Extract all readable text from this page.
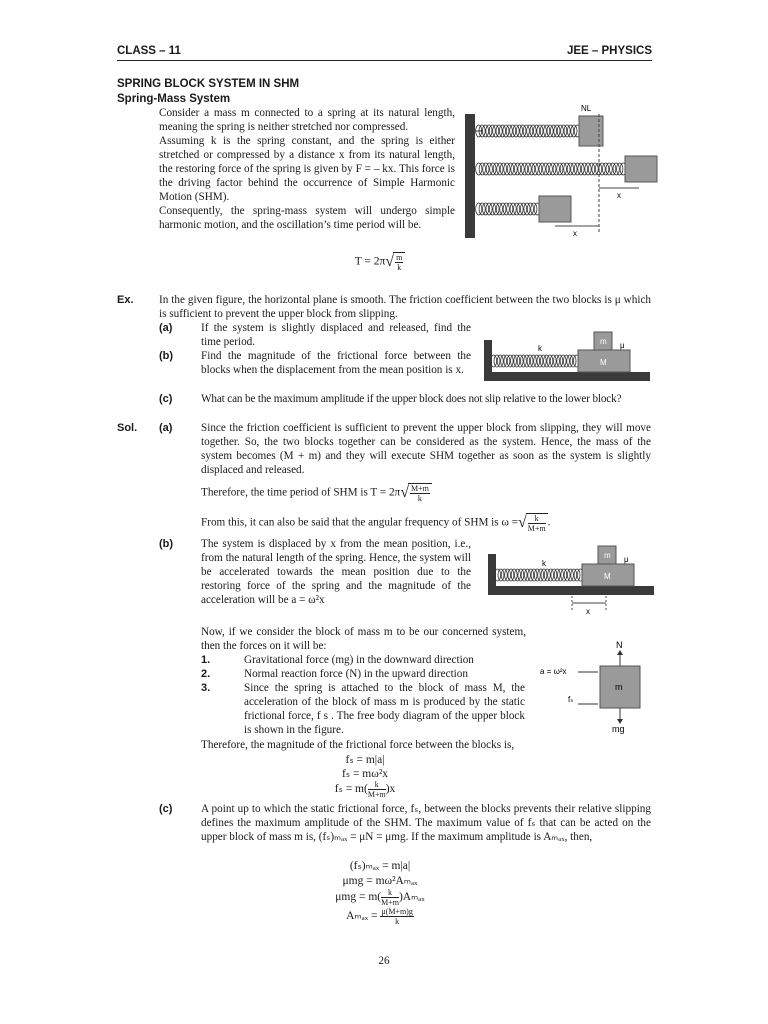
CLASS – 11	JEE – PHYSICS
SPRING BLOCK SYSTEM IN SHM
Spring-Mass System

Consider a mass m connected to a spring at its natural length, meaning the spring is neither stretched nor compressed.

Assuming k is the spring constant, and the spring is either stretched or compressed by a distance x from its natural length, the restoring force of the spring is given by F = – kx. This force is the driving factor behind the occurrence of Simple Harmonic Motion (SHM).

Consequently, the spring-mass system will undergo simple harmonic motion, and the oscillation’s time period will be.

$T = 2\pi√ \frac{m}{k}$
NL
x
x
Ex. In the given figure, the horizontal plane is smooth. The friction coefficient between the two blocks is μ which is sufficient to prevent the upper block from slipping.
(a)	If the system is slightly displaced and released, find the time period.
(b) Find the magnitude of the frictional force between the blocks when the displacement from the mean position is x.
(c)	What can be the maximum amplitude if the upper block does not slip relative to the lower block?
k
M
m μ
Sol. (a)	Since the friction coefficient is sufficient to prevent the upper block from slipping, they will move together. So, the two blocks together can be considered as the system. Hence, the mass of the system becomes (M + m) and they will execute SHM together as soon as the system is slightly displaced and released.
Therefore, the time period of SHM is $T = 2\pi√ \frac{M+m}{k}$
From this, it can also be said that the angular frequency of SHM is ω =√ $\frac{k}{M+m}$ .
(b) The system is displaced by x from the mean position, i.e., from the natural length of the spring. Hence, the system will be accelerated towards the mean position due to the restoring force of the spring and the magnitude of the acceleration will be a = ω²x
k
M
m μ
x
Now, if we consider the block of mass m to be our concerned system, then the forces on it will be:
1.	Gravitational force (mg) in the downward direction
2.	Normal reaction force (N) in the upward direction
3.	Since the spring is attached to the block of mass M, the acceleration of the block of mass m is produced by the static frictional force, f s . The free body diagram of the upper block is shown in the figure.
N
m
a = ω²x
fₛ
mg
Therefore, the magnitude of the frictional force between the blocks is,
fₛ = m|a|
fₛ = mω²x
$f_s = m( \frac{k}{M+m} )x$
(c)	A point up to which the static frictional force, fₛ, between the blocks prevents their relative slipping defines the maximum amplitude of the SHM. The maximum value of fₛ that can be acted on the upper block of mass m is, (fₛ)ₘₐₓ = μN = μmg. If the maximum amplitude is Aₘₐₓ, then,
(fₛ)ₘₐₓ = m|a|
μmg = mω²Aₘₐₓ
$\mu mg = m( \frac{k}{M+m} )A_{max}$
$A_{max} = \frac{\mu(M+m)g}{k}$
26
